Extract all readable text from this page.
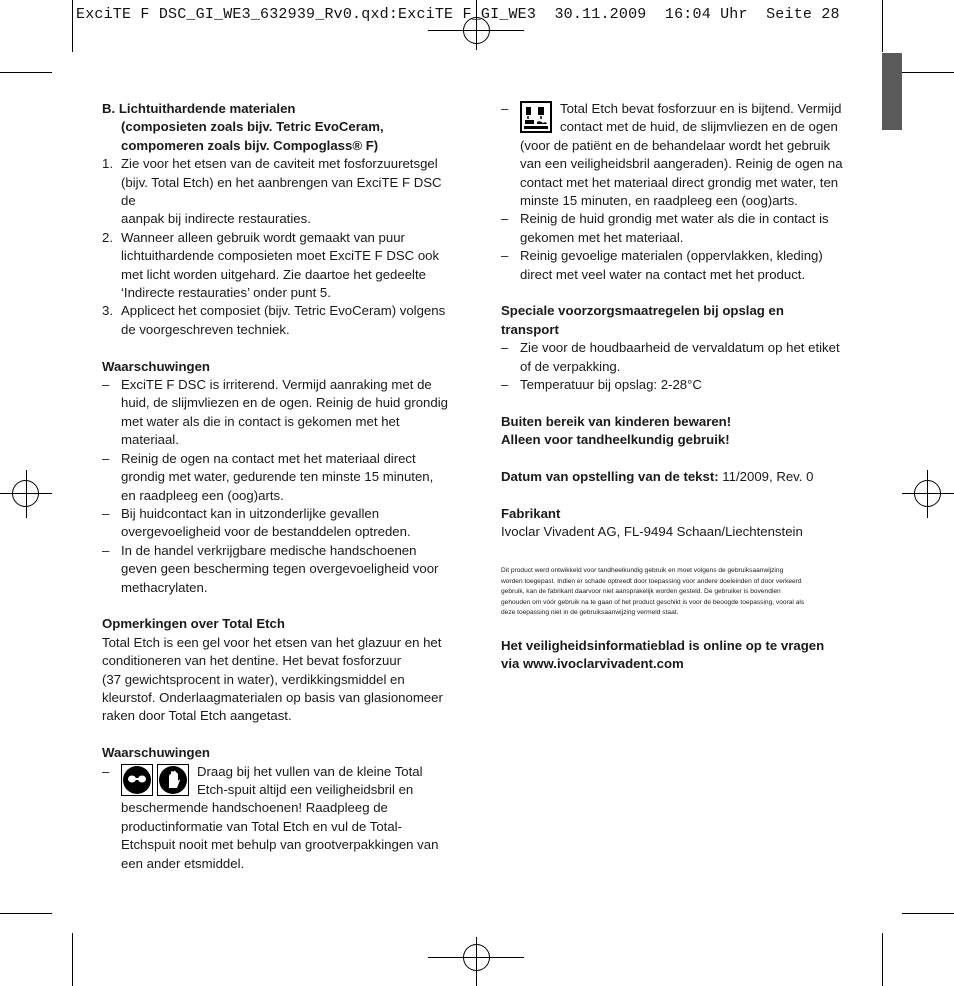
ExciTE F DSC_GI_WE3_632939_Rv0.qxd:ExciTE F_GI_WE3  30.11.2009  16:04 Uhr  Seite 28

B. Lichtuithardende materialen
(composieten zoals bijv. Tetric EvoCeram,
compomeren zoals bijv. Compoglass® F)

1. Zie voor het etsen van de caviteit met fosforzuuretsgel
(bijv. Total Etch) en het aanbrengen van ExciTE F DSC de
aanpak bij indirecte restauraties.
2. Wanneer alleen gebruik wordt gemaakt van puur
lichtuithardende composieten moet ExciTE F DSC ook
met licht worden uitgehard. Zie daartoe het gedeelte
‘Indirecte restauraties’ onder punt 5.
3. Applicect het composiet (bijv. Tetric EvoCeram) volgens
de voorgeschreven techniek.

Waarschuwingen

– ExciTE F DSC is irriterend. Vermijd aanraking met de
huid, de slijmvliezen en de ogen. Reinig de huid grondig
met water als die in contact is gekomen met het
materiaal.
– Reinig de ogen na contact met het materiaal direct
grondig met water, gedurende ten minste 15 minuten,
en raadpleeg een (oog)arts.
– Bij huidcontact kan in uitzonderlijke gevallen
overgevoeligheid voor de bestanddelen optreden.
– In de handel verkrijgbare medische handschoenen
geven geen bescherming tegen overgevoeligheid voor
methacrylaten.

Opmerkingen over Total Etch

Total Etch is een gel voor het etsen van het glazuur en het
conditioneren van het dentine. Het bevat fosforzuur
(37 gewichtsprocent in water), verdikkingsmiddel en
kleurstof. Onderlaagmaterialen op basis van glasionomeer
raken door Total Etch aangetast.

Waarschuwingen

–	Draag bij het vullen van de kleine Total
Etch-spuit altijd een veiligheidsbril en
beschermende handschoenen! Raadpleeg de
productinformatie van Total Etch en vul de Total-
Etchspuit nooit met behulp van grootverpakkingen van
een ander etsmiddel.
–	Total Etch bevat fosforzuur en is bijtend. Vermijd
contact met de huid, de slijmvliezen en de ogen
(voor de patiënt en de behandelaar wordt het gebruik
van een veiligheidsbril aangeraden). Reinig de ogen na
contact met het materiaal direct grondig met water, ten
minste 15 minuten, en raadpleeg een (oog)arts.
– Reinig de huid grondig met water als die in contact is
gekomen met het materiaal.
– Reinig gevoelige materialen (oppervlakken, kleding)
direct met veel water na contact met het product.

Speciale voorzorgsmaatregelen bij opslag en
transport

– Zie voor de houdbaarheid de vervaldatum op het etiket
of de verpakking.
– Temperatuur bij opslag: 2-28°C

Buiten bereik van kinderen bewaren!
Alleen voor tandheelkundig gebruik!

Datum van opstelling van de tekst: 11/2009, Rev. 0

Fabrikant

Ivoclar Vivadent AG, FL-9494 Schaan/Liechtenstein

Dit product werd ontwikkeld voor tandheelkundig gebruik en moet volgens de gebruiksaanwijzing
worden toegepast. Indien er schade optreedt door toepassing voor andere doeleinden of door verkeerd
gebruik, kan de fabrikant daarvoor niet aansprakelijk worden gesteld. De gebruiker is bovendien
gehouden om vóór gebruik na te gaan of het product geschikt is voor de beoogde toepassing, vooral als
deze toepassing niet in de gebruiksaanwijzing vermeld staat.

Het veiligheidsinformatieblad is online op te vragen
via www.ivoclarvivadent.com
